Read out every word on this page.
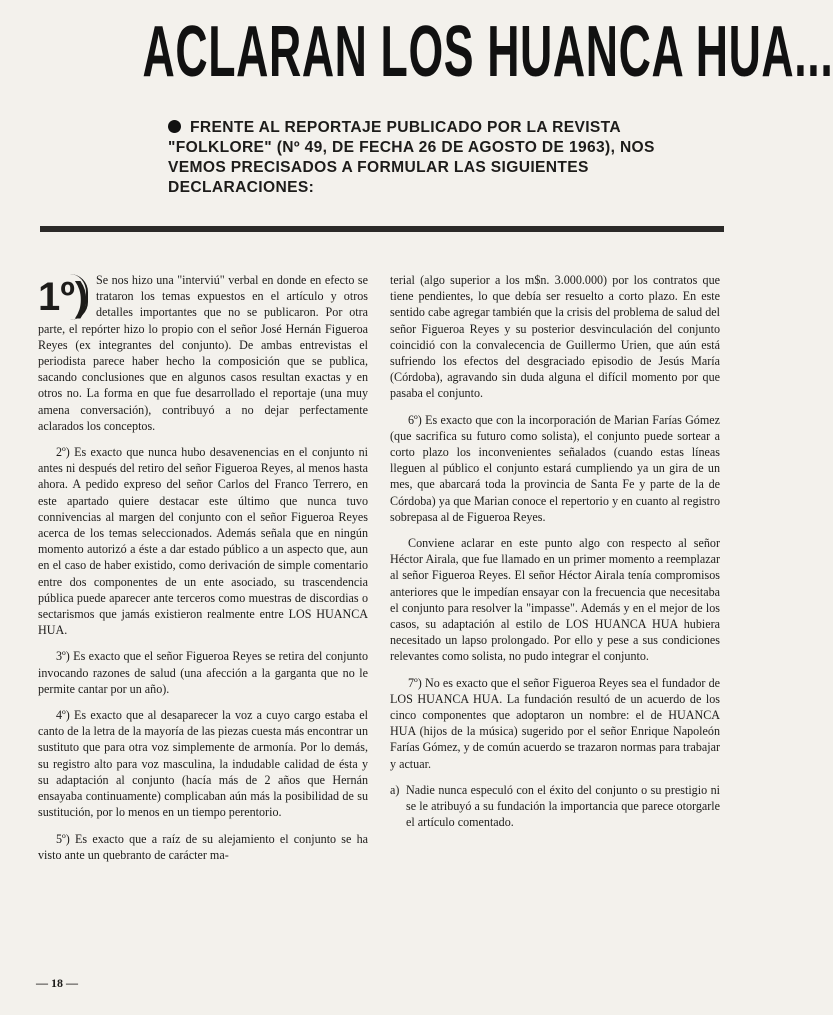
ACLARAN LOS HUANCA HUA...
FRENTE AL REPORTAJE PUBLICADO POR LA REVISTA "FOLKLORE" (Nº 49, DE FECHA 26 DE AGOSTO DE 1963), NOS VEMOS PRECISADOS A FORMULAR LAS SIGUIENTES DECLARACIONES:

1º) Se nos hizo una "interviú" verbal en donde en efecto se trataron los temas expuestos en el artículo y otros detalles importantes que no se publicaron. Por otra parte, el repórter hizo lo propio con el señor José Hernán Figueroa Reyes (ex integrantes del conjunto). De ambas entrevistas el periodista parece haber hecho la composición que se publica, sacando conclusiones que en algunos casos resultan exactas y en otros no. La forma en que fue desarrollado el reportaje (una muy amena conversación), contribuyó a no dejar perfectamente aclarados los conceptos.

2º) Es exacto que nunca hubo desavenencias en el conjunto ni antes ni después del retiro del señor Figueroa Reyes, al menos hasta ahora. A pedido expreso del señor Carlos del Franco Terrero, en este apartado quiere destacar este último que nunca tuvo connivencias al margen del conjunto con el señor Figueroa Reyes acerca de los temas seleccionados. Además señala que en ningún momento autorizó a éste a dar estado público a un aspecto que, aun en el caso de haber existido, como derivación de simple comentario entre dos componentes de un ente asociado, su trascendencia pública puede aparecer ante terceros como muestras de discordias o sectarismos que jamás existieron realmente entre LOS HUANCA HUA.

3º) Es exacto que el señor Figueroa Reyes se retira del conjunto invocando razones de salud (una afección a la garganta que no le permite cantar por un año).

4º) Es exacto que al desaparecer la voz a cuyo cargo estaba el canto de la letra de la mayoría de las piezas cuesta más encontrar un sustituto que para otra voz simplemente de armonía. Por lo demás, su registro alto para voz masculina, la indudable calidad de ésta y su adaptación al conjunto (hacía más de 2 años que Hernán ensayaba continuamente) complicaban aún más la posibilidad de su sustitución, por lo menos en un tiempo perentorio.

5º) Es exacto que a raíz de su alejamiento el conjunto se ha visto ante un quebranto de carácter ma-

terial (algo superior a los m$n. 3.000.000) por los contratos que tiene pendientes, lo que debía ser resuelto a corto plazo. En este sentido cabe agregar también que la crisis del problema de salud del señor Figueroa Reyes y su posterior desvinculación del conjunto coincidió con la convalecencia de Guillermo Urien, que aún está sufriendo los efectos del desgraciado episodio de Jesús María (Córdoba), agravando sin duda alguna el difícil momento por que pasaba el conjunto.

6º) Es exacto que con la incorporación de Marian Farías Gómez (que sacrifica su futuro como solista), el conjunto puede sortear a corto plazo los inconvenientes señalados (cuando estas líneas lleguen al público el conjunto estará cumpliendo ya un gira de un mes, que abarcará toda la provincia de Santa Fe y parte de la de Córdoba) ya que Marian conoce el repertorio y en cuanto al registro sobrepasa al de Figueroa Reyes.

Conviene aclarar en este punto algo con respecto al señor Héctor Airala, que fue llamado en un primer momento a reemplazar al señor Figueroa Reyes. El señor Héctor Airala tenía compromisos anteriores que le impedían ensayar con la frecuencia que necesitaba el conjunto para resolver la "impasse". Además y en el mejor de los casos, su adaptación al estilo de LOS HUANCA HUA hubiera necesitado un lapso prolongado. Por ello y pese a sus condiciones relevantes como solista, no pudo integrar el conjunto.

7º) No es exacto que el señor Figueroa Reyes sea el fundador de LOS HUANCA HUA. La fundación resultó de un acuerdo de los cinco componentes que adoptaron un nombre: el de HUANCA HUA (hijos de la música) sugerido por el señor Enrique Napoleón Farías Gómez, y de común acuerdo se trazaron normas para trabajar y actuar.

a) Nadie nunca especuló con el éxito del conjunto o su prestigio ni se le atribuyó a su fundación la importancia que parece otorgarle el artículo comentado.

— 18 —
